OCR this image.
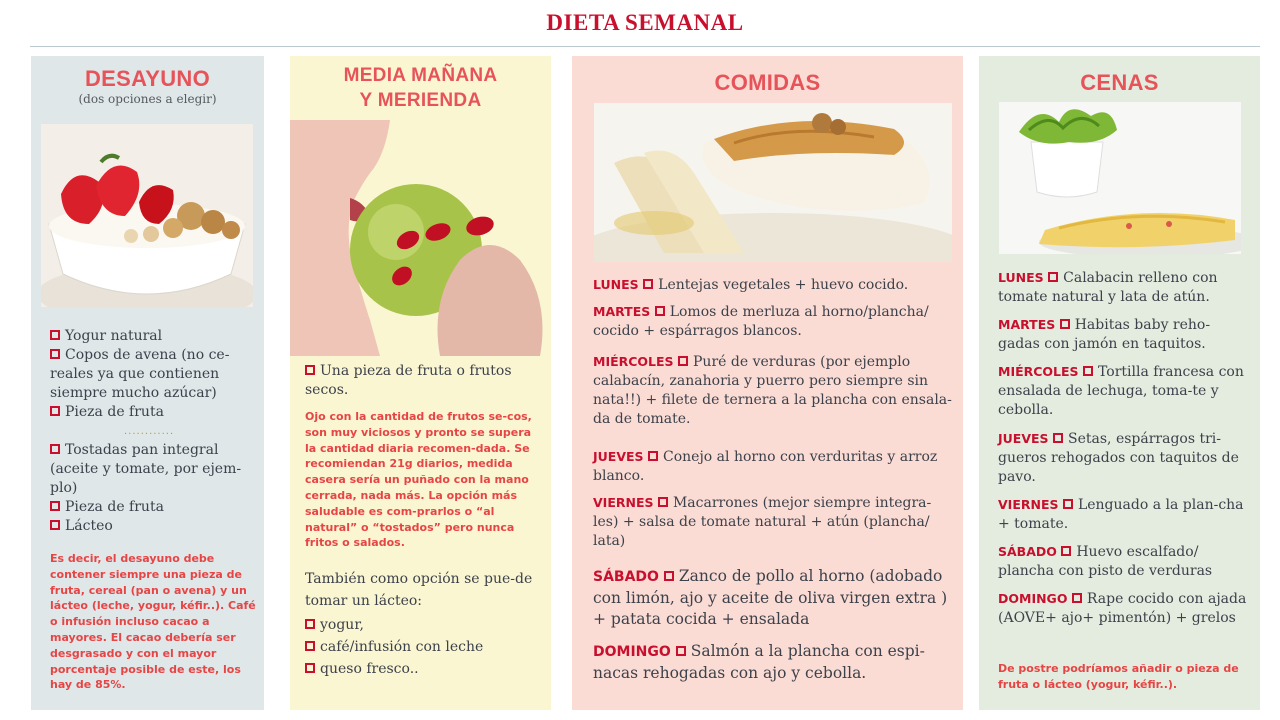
DIETA SEMANAL
DESAYUNO
(dos opciones a elegir)
Yogur natural
Copos de avena (no ce-reales ya que contienen siempre mucho azúcar)
Pieza de fruta
............
Tostadas pan integral (aceite y tomate, por ejem-plo)
Pieza de fruta
Lácteo
Es decir, el desayuno debe contener siempre una pieza de fruta, cereal (pan o avena) y un lácteo (leche, yogur, kéfir..). Café o infusión incluso cacao a mayores. El cacao debería ser desgrasado y con el mayor porcentaje posible de este, los hay de 85%.
MEDIA MAÑANA
Y MERIENDA
Una pieza de fruta o frutos secos.
Ojo con la cantidad de frutos se-cos, son muy viciosos y pronto se supera la cantidad diaria recomen-dada. Se recomiendan 21g diarios, medida casera sería un puñado con la mano cerrada, nada más. La opción más saludable es com-prarlos o “al natural” o “tostados” pero nunca fritos o salados.
También como opción se pue-de tomar un lácteo:
yogur,
café/infusión con leche
queso fresco..
COMIDAS
LUNES Lentejas vegetales + huevo cocido.
MARTES Lomos de merluza al horno/plancha/ cocido + espárragos blancos.
MIÉRCOLES Puré de verduras (por ejemplo calabacín, zanahoria y puerro pero siempre sin nata!!) + filete de ternera a la plancha con ensala-da de tomate.
JUEVES Conejo al horno con verduritas y arroz blanco.
VIERNES Macarrones (mejor siempre integra-les) + salsa de tomate natural + atún (plancha/ lata)
SÁBADO Zanco de pollo al horno (adobado con limón, ajo y aceite de oliva virgen extra ) + patata cocida + ensalada
DOMINGO Salmón a la plancha con espi-nacas rehogadas con ajo y cebolla.
CENAS
LUNES Calabacin relleno con tomate natural y lata de atún.
MARTES Habitas baby reho-gadas con jamón en taquitos.
MIÉRCOLES Tortilla francesa con ensalada de lechuga, toma-te y cebolla.
JUEVES Setas, espárragos tri-gueros rehogados con taquitos de pavo.
VIERNES Lenguado a la plan-cha + tomate.
SÁBADO Huevo escalfado/ plancha con pisto de verduras
DOMINGO Rape cocido con ajada (AOVE+ ajo+ pimentón) + grelos
De postre podríamos añadir o pieza de fruta o lácteo (yogur, kéfir..).
